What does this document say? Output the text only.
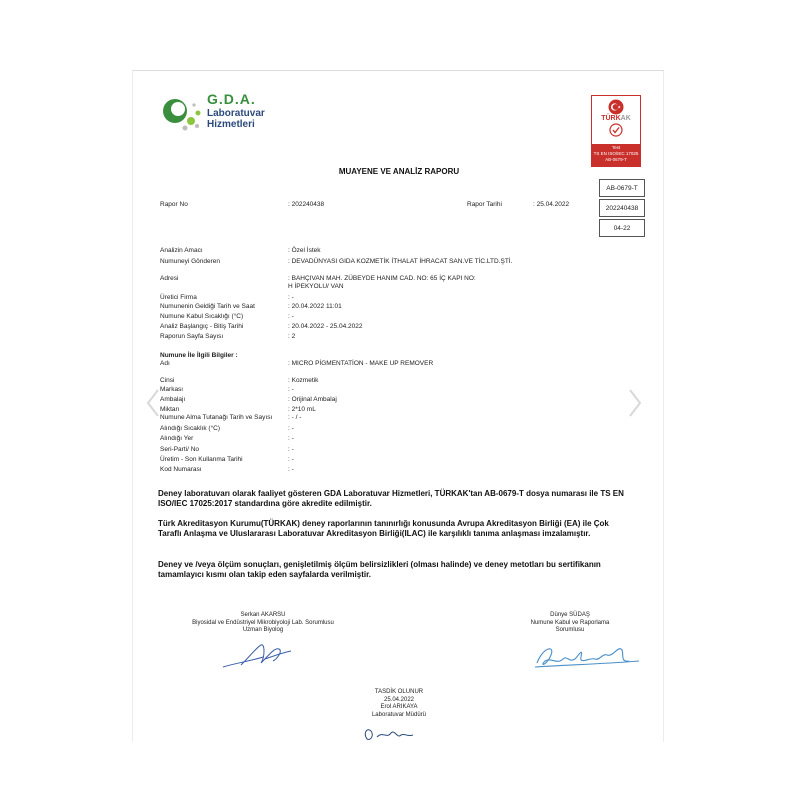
G.D.A.
Laboratuvar
Hizmetleri
TÜRKAK
Test
TS EN ISO/IEC 17025
AB-0679-T
MUAYENE VE ANALİZ RAPORU
AB-0679-T
202240438
04-22
Rapor No	: 202240438	Rapor Tarihi	: 25.04.2022
Analizin Amacı	: Özel İstek
Numuneyi Gönderen	: DEVADÜNYASI GIDA KOZMETİK İTHALAT İHRACAT SAN.VE TİC.LTD.ŞTİ.
Adresi	: BAHÇIVAN MAH. ZÜBEYDE HANIM CAD. NO: 65 İÇ KAPI NO:
H İPEKYOLU/ VAN
Üretici Firma	: -
Numunenin Geldiği Tarih ve Saat	: 20.04.2022 11:01
Numune Kabul Sıcaklığı (°C)	: -
Analiz Başlangıç - Bitiş Tarihi	: 20.04.2022 - 25.04.2022
Raporun Sayfa Sayısı	: 2
Numune İle İlgili Bilgiler :
Adı	: MICRO PİGMENTATİON - MAKE UP REMOVER
Cinsi	: Kozmetik
Markası	: -
Ambalajı	: Orijinal Ambalaj
Miktarı	: 2*10 mL
Numune Alma Tutanağı Tarih ve Sayısı	: - / -
Alındığı Sıcaklık (°C)	: -
Alındığı Yer	: -
Seri-Parti/ No	: -
Üretim - Son Kullanma Tarihi	: -
Kod Numarası	: -
Deney laboratuvarı olarak faaliyet gösteren GDA Laboratuvar Hizmetleri, TÜRKAK'tan AB-0679-T dosya numarası ile TS EN ISO/IEC 17025:2017 standardına göre akredite edilmiştir.
Türk Akreditasyon Kurumu(TÜRKAK) deney raporlarının tanınırlığı konusunda Avrupa Akreditasyon Birliği (EA) ile Çok Taraflı Anlaşma ve Uluslararası Laboratuvar Akreditasyon Birliği(ILAC) ile karşılıklı tanıma anlaşması imzalamıştır.
Deney ve /veya ölçüm sonuçları, genişletilmiş ölçüm belirsizlikleri (olması halinde) ve deney metotları bu sertifikanın tamamlayıcı kısmı olan takip eden sayfalarda verilmiştir.
Serkan AKARSU
Biyosidal ve Endüstriyel Mikrobiyoloji Lab. Sorumlusu
Uzman Biyolog
Dünye SÜDAŞ
Numune Kabul ve Raporlama
Sorumlusu
TASDİK OLUNUR
25.04.2022
Erol ARIKAYA
Laboratuvar Müdürü
